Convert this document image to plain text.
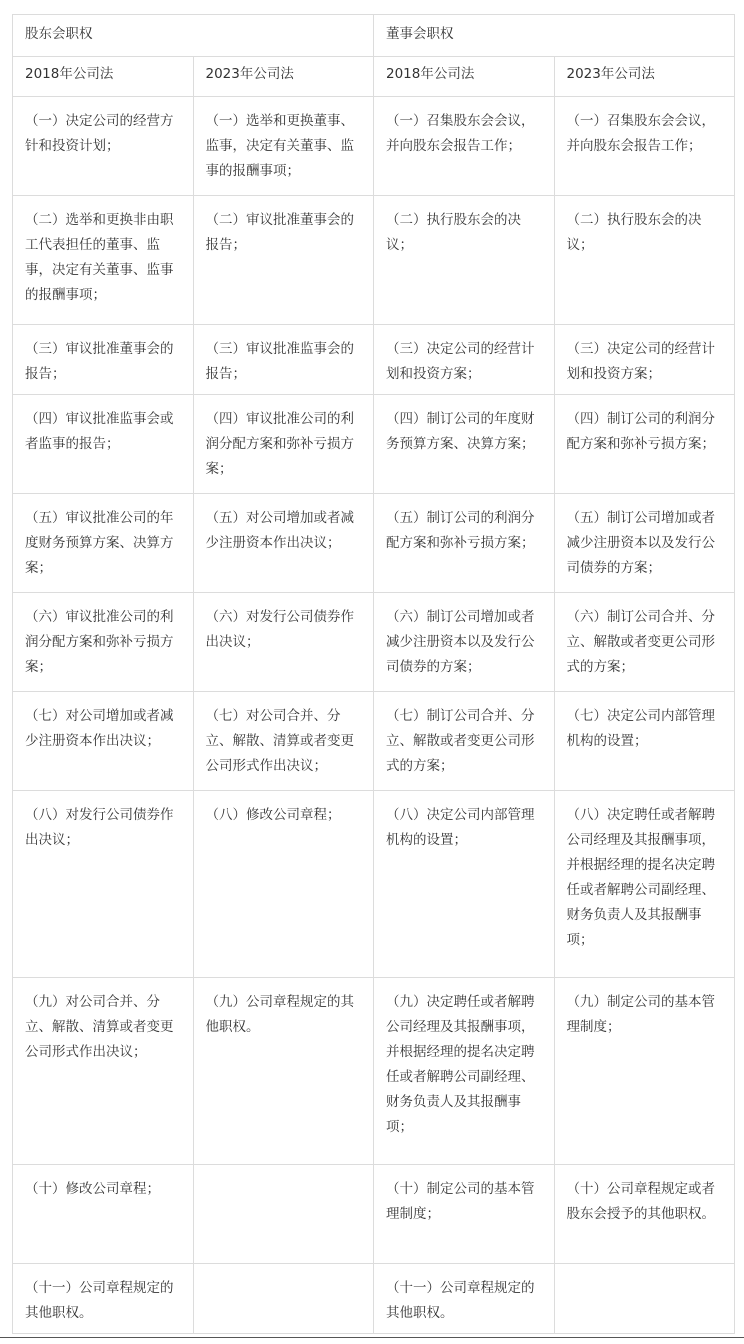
股东会职权		董事会职权	
2018年公司法	2023年公司法	2018年公司法	2023年公司法
（一）决定公司的经营方针和投资计划；	（一）选举和更换董事、监事，决定有关董事、监事的报酬事项；	（一）召集股东会会议，并向股东会报告工作；	（一）召集股东会会议，并向股东会报告工作；
（二）选举和更换非由职工代表担任的董事、监事，决定有关董事、监事的报酬事项；	（二）审议批准董事会的报告；	（二）执行股东会的决议；	（二）执行股东会的决议；
（三）审议批准董事会的报告；	（三）审议批准监事会的报告；	（三）决定公司的经营计划和投资方案；	（三）决定公司的经营计划和投资方案；
（四）审议批准监事会或者监事的报告；	（四）审议批准公司的利润分配方案和弥补亏损方案；	（四）制订公司的年度财务预算方案、决算方案；	（四）制订公司的利润分配方案和弥补亏损方案；
（五）审议批准公司的年度财务预算方案、决算方案；	（五）对公司增加或者减少注册资本作出决议；	（五）制订公司的利润分配方案和弥补亏损方案；	（五）制订公司增加或者减少注册资本以及发行公司债券的方案；
（六）审议批准公司的利润分配方案和弥补亏损方案；	（六）对发行公司债券作出决议；	（六）制订公司增加或者减少注册资本以及发行公司债券的方案；	（六）制订公司合并、分立、解散或者变更公司形式的方案；
（七）对公司增加或者减少注册资本作出决议；	（七）对公司合并、分立、解散、清算或者变更公司形式作出决议；	（七）制订公司合并、分立、解散或者变更公司形式的方案；	（七）决定公司内部管理机构的设置；
（八）对发行公司债券作出决议；	（八）修改公司章程；	（八）决定公司内部管理机构的设置；	（八）决定聘任或者解聘公司经理及其报酬事项，并根据经理的提名决定聘任或者解聘公司副经理、财务负责人及其报酬事项；
（九）对公司合并、分立、解散、清算或者变更公司形式作出决议；	（九）公司章程规定的其他职权。	（九）决定聘任或者解聘公司经理及其报酬事项，并根据经理的提名决定聘任或者解聘公司副经理、财务负责人及其报酬事项；	（九）制定公司的基本管理制度；
（十）修改公司章程；		（十）制定公司的基本管理制度；	（十）公司章程规定或者股东会授予的其他职权。
（十一）公司章程规定的其他职权。		（十一）公司章程规定的其他职权。	
